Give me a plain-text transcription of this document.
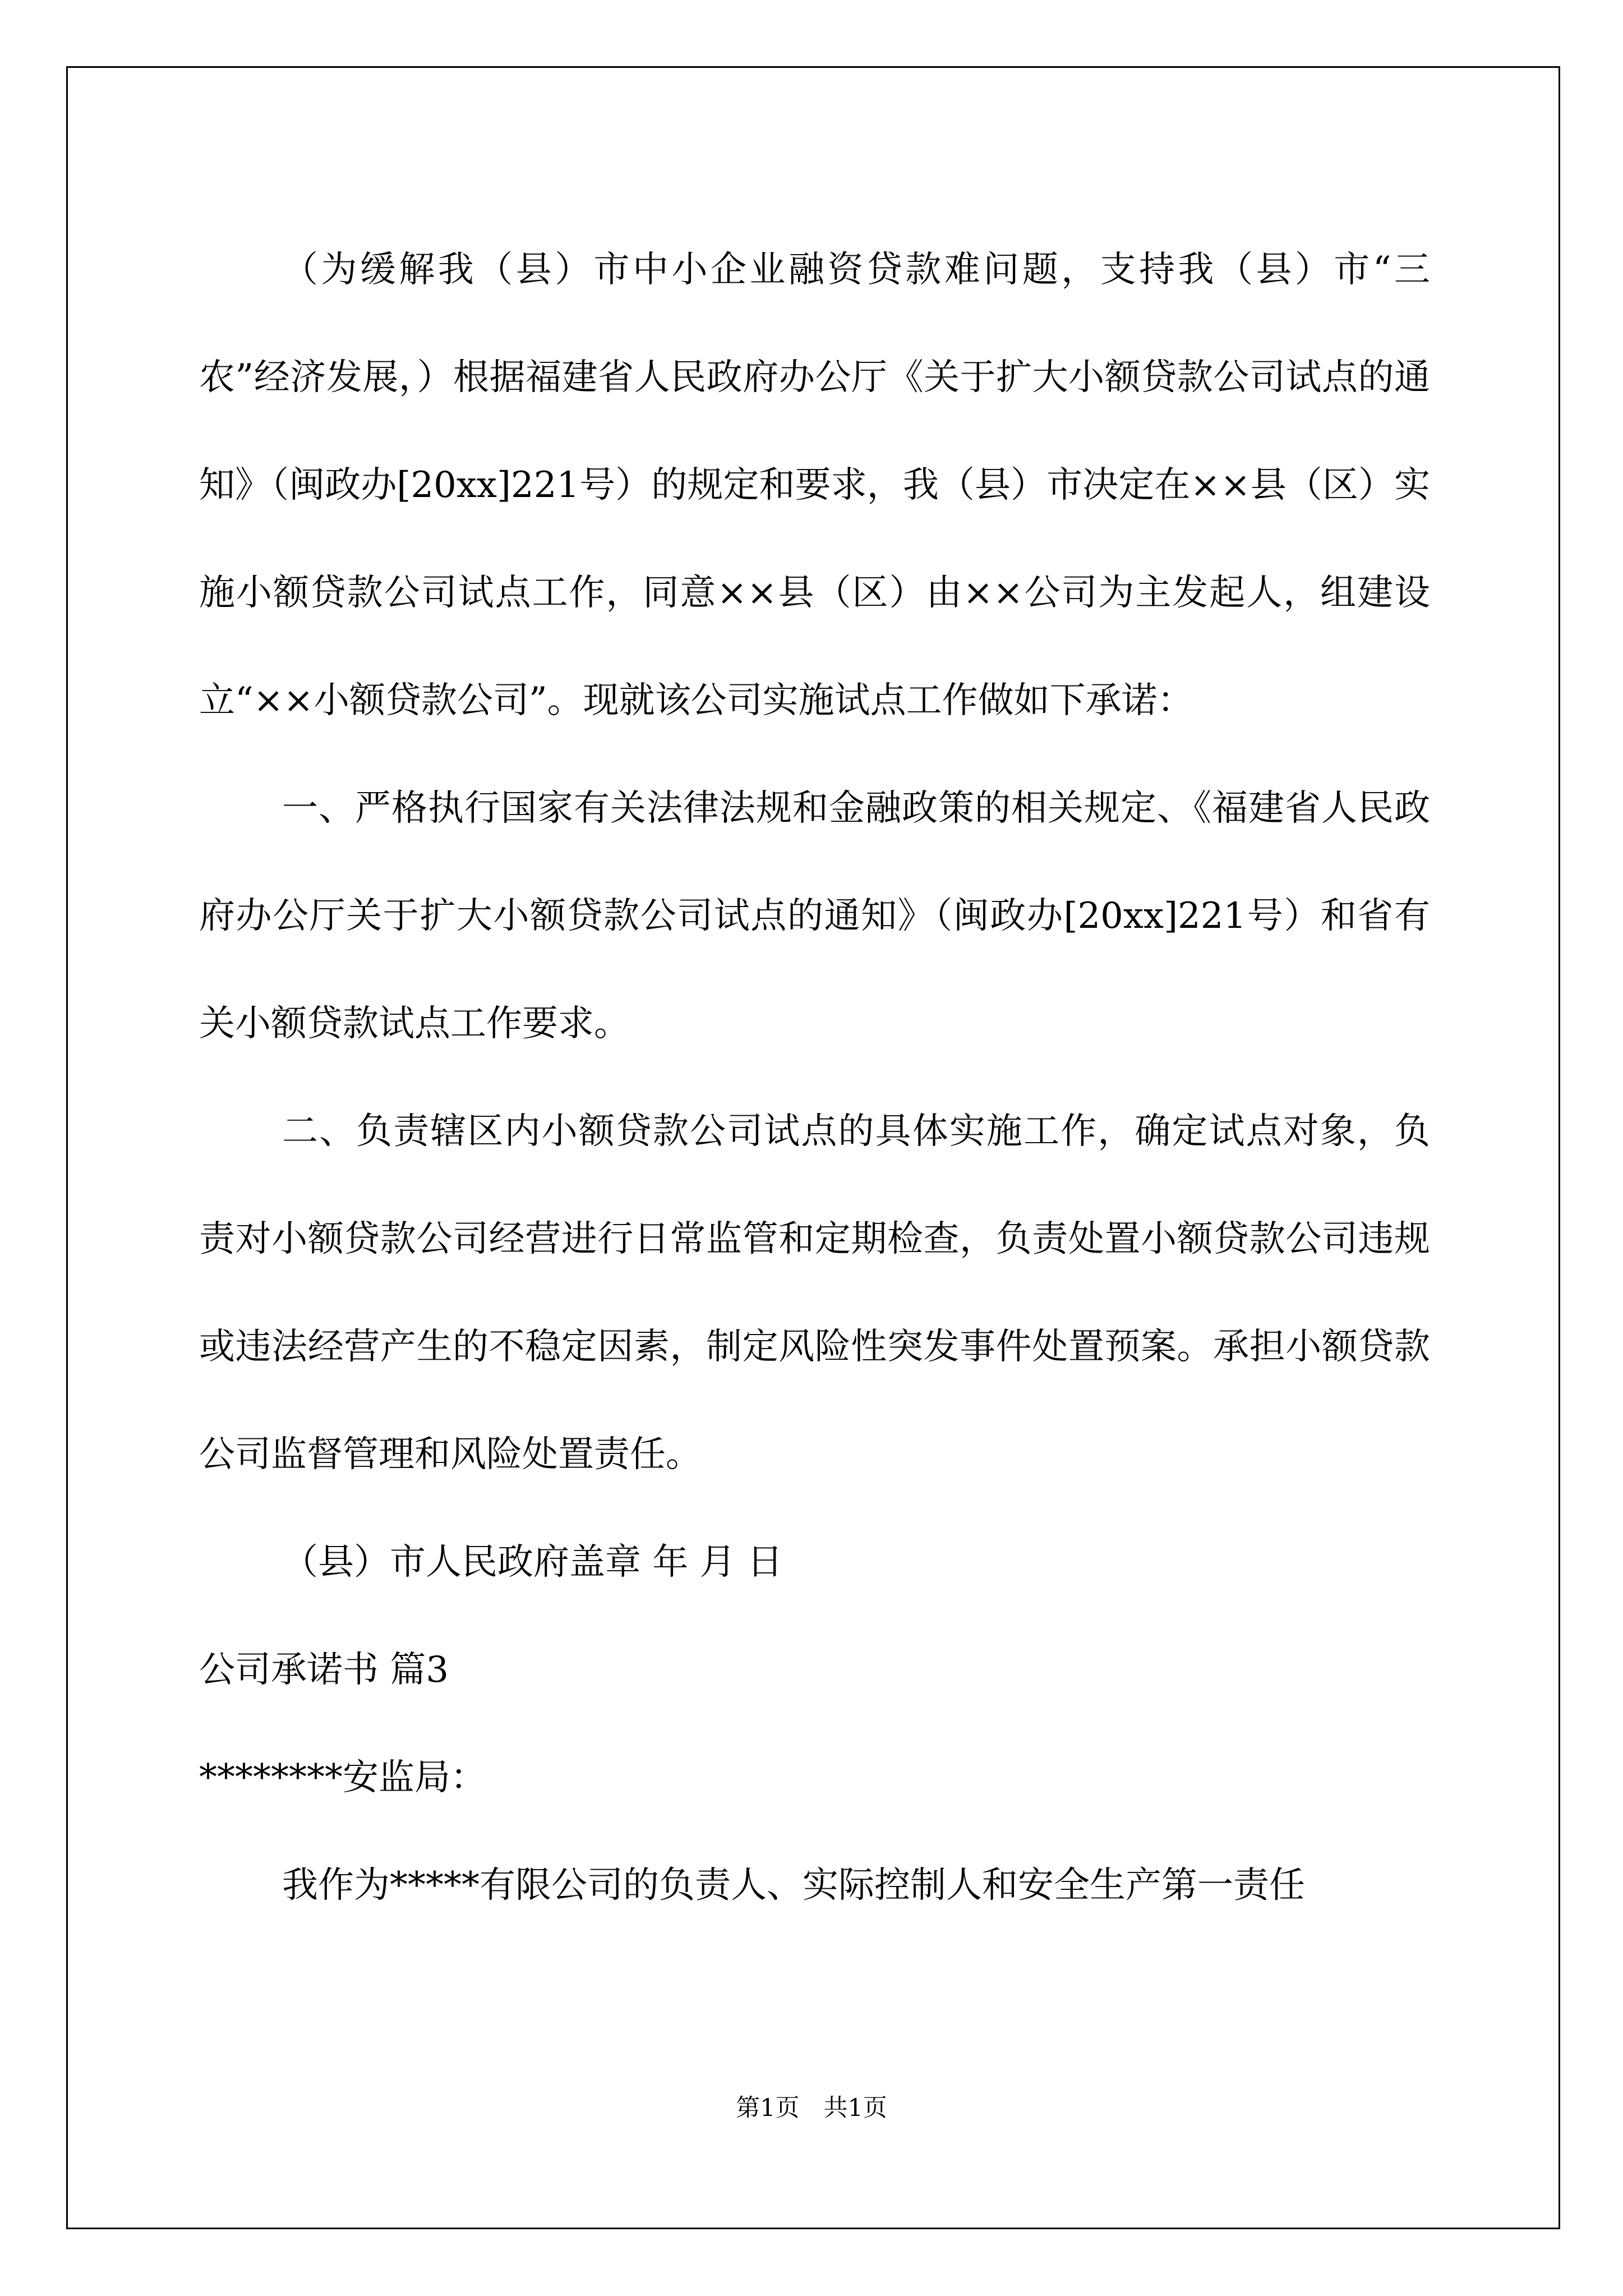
（为缓解我（县）市中小企业融资贷款难问题，支持我（县）市“三农”经济发展，）根据福建省人民政府办公厅《关于扩大小额贷款公司试点的通知》（闽政办[20xx]221号）的规定和要求，我（县）市决定在××县（区）实施小额贷款公司试点工作，同意××县（区）由××公司为主发起人，组建设立“××小额贷款公司”。现就该公司实施试点工作做如下承诺：

一、严格执行国家有关法律法规和金融政策的相关规定、《福建省人民政府办公厅关于扩大小额贷款公司试点的通知》（闽政办[20xx]221号）和省有关小额贷款试点工作要求。

二、负责辖区内小额贷款公司试点的具体实施工作，确定试点对象，负责对小额贷款公司经营进行日常监管和定期检查，负责处置小额贷款公司违规或违法经营产生的不稳定因素，制定风险性突发事件处置预案。承担小额贷款公司监督管理和风险处置责任。

（县）市人民政府盖章 年 月 日

公司承诺书 篇3

********安监局：

我作为*****有限公司的负责人、实际控制人和安全生产第一责任

第1页　共1页
